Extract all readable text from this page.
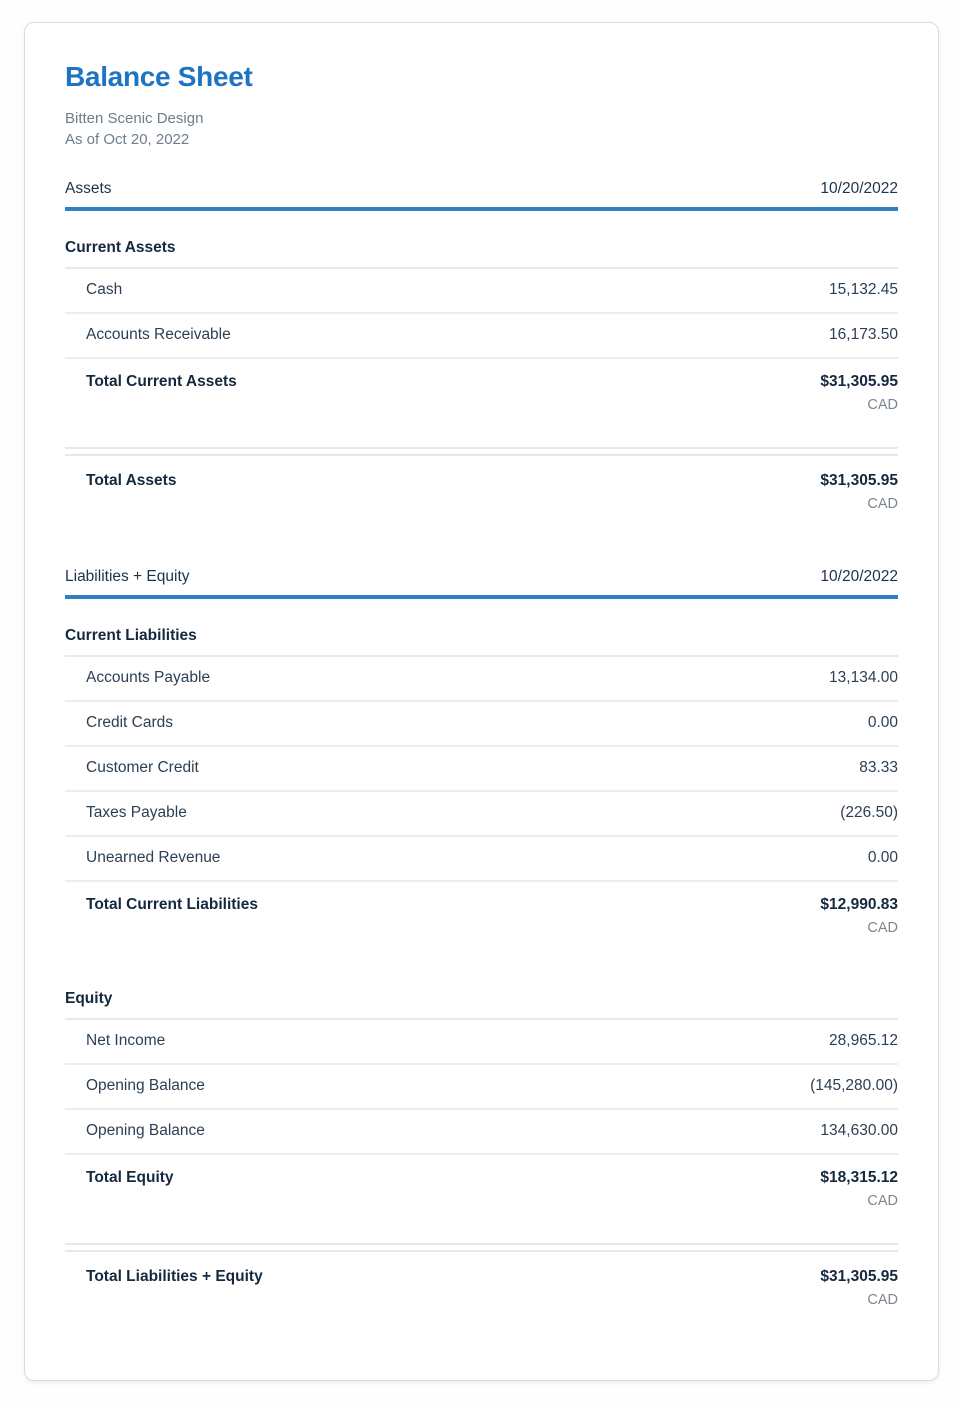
Balance Sheet
Bitten Scenic Design
As of Oct 20, 2022
Assets	10/20/2022
Current Assets
Cash	15,132.45
Accounts Receivable	16,173.50
Total Current Assets	$31,305.95
CAD
Total Assets	$31,305.95
CAD
Liabilities + Equity	10/20/2022
Current Liabilities
Accounts Payable	13,134.00
Credit Cards	0.00
Customer Credit	83.33
Taxes Payable	(226.50)
Unearned Revenue	0.00
Total Current Liabilities	$12,990.83
CAD
Equity
Net Income	28,965.12
Opening Balance	(145,280.00)
Opening Balance	134,630.00
Total Equity	$18,315.12
CAD
Total Liabilities + Equity	$31,305.95
CAD
